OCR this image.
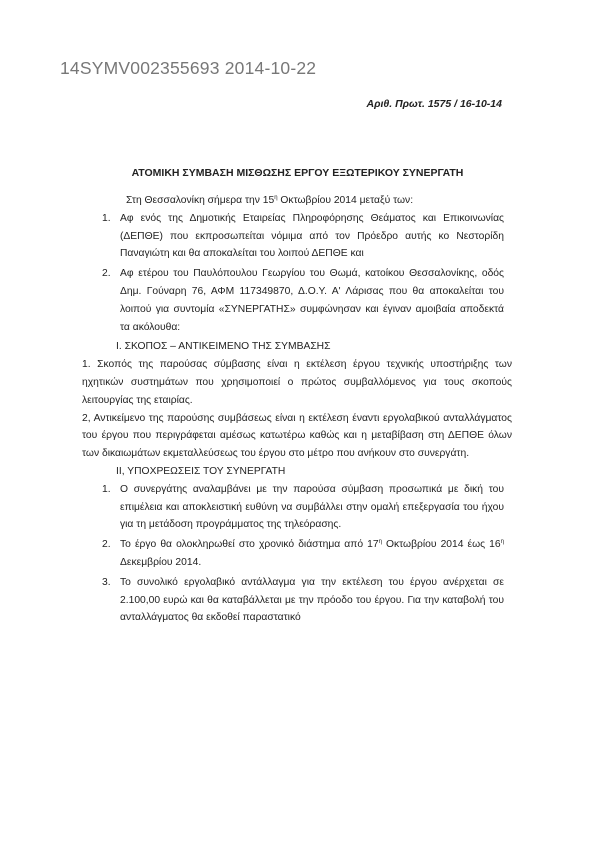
14SYMV002355693 2014-10-22
Αριθ. Πρωτ. 1575 / 16-10-14
ΑΤΟΜΙΚΗ ΣΥΜΒΑΣΗ ΜΙΣΘΩΣΗΣ ΕΡΓΟΥ ΕΞΩΤΕΡΙΚΟΥ ΣΥΝΕΡΓΑΤΗ

Στη Θεσσαλονίκη σήμερα την $15^\eta$ Οκτωβρίου 2014 μεταξύ των:

1. Αφ ενός της Δημοτικής Εταιρείας Πληροφόρησης Θεάματος και Επικοινωνίας (ΔΕΠΘΕ) που εκπροσωπείται νόμιμα από τον Πρόεδρο αυτής κο Νεστορίδη Παναγιώτη και θα αποκαλείται του λοιπού ΔΕΠΘΕ και
2. Αφ ετέρου του Παυλόπουλου Γεωργίου του Θωμά, κατοίκου Θεσσαλονίκης, οδός Δημ. Γούναρη 76, ΑΦΜ 117349870, Δ.Ο.Υ. Α' Λάρισας που θα αποκαλείται του λοιπού για συντομία «ΣΥΝΕΡΓΑΤΗΣ» συμφώνησαν και έγιναν αμοιβαία αποδεκτά τα ακόλουθα:

Ι. ΣΚΟΠΟΣ – ΑΝΤΙΚΕΙΜΕΝΟ ΤΗΣ ΣΥΜΒΑΣΗΣ

1. Σκοπός της παρούσας σύμβασης είναι η εκτέλεση έργου τεχνικής υποστήριξης των ηχητικών συστημάτων που χρησιμοποιεί ο πρώτος συμβαλλόμενος για τους σκοπούς λειτουργίας της εταιρίας.

2, Αντικείμενο της παρούσης συμβάσεως είναι η εκτέλεση έναντι εργολαβικού ανταλλάγματος του έργου που περιγράφεται αμέσως κατωτέρω καθώς και η μεταβίβαση στη ΔΕΠΘΕ όλων των δικαιωμάτων εκμεταλλεύσεως του έργου στο μέτρο που ανήκουν στο συνεργάτη.

ΙΙ, ΥΠΟΧΡΕΩΣΕΙΣ ΤΟΥ ΣΥΝΕΡΓΑΤΗ

1. Ο συνεργάτης αναλαμβάνει με την παρούσα σύμβαση προσωπικά με δική του επιμέλεια και αποκλειστική ευθύνη να συμβάλλει στην ομαλή επεξεργασία του ήχου για τη μετάδοση προγράμματος της τηλεόρασης.
2. Το έργο θα ολοκληρωθεί στο χρονικό διάστημα από $17^\eta$ Οκτωβρίου 2014 έως $16^\eta$ Δεκεμβρίου 2014.
3. Το συνολικό εργολαβικό αντάλλαγμα για την εκτέλεση του έργου ανέρχεται σε 2.100,00 ευρώ και θα καταβάλλεται με την πρόοδο του έργου. Για την καταβολή του ανταλλάγματος θα εκδοθεί παραστατικό
